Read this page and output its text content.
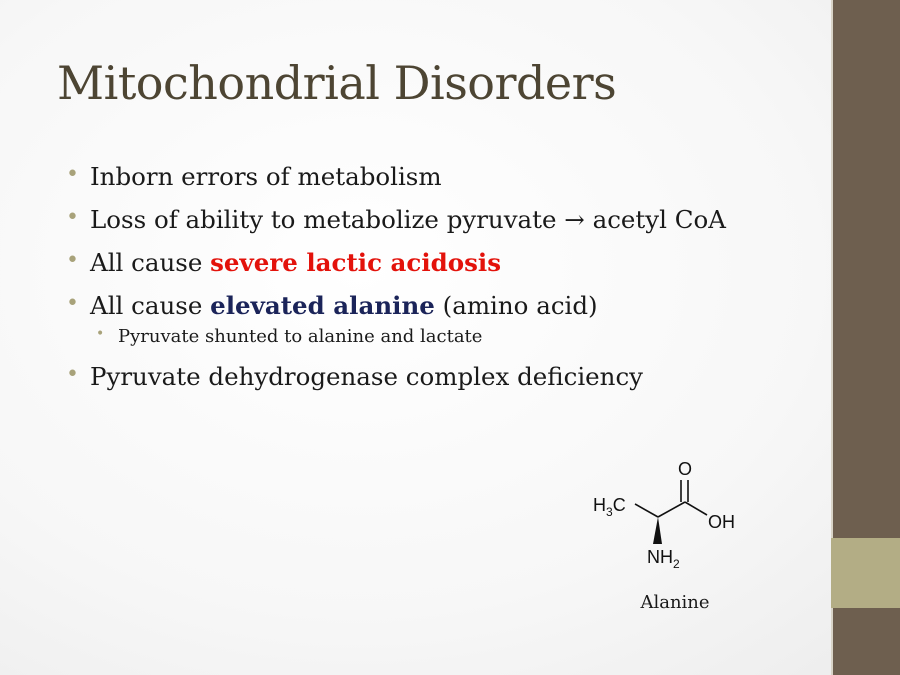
Mitochondrial Disorders
• Inborn errors of metabolism
• Loss of ability to metabolize pyruvate → acetyl CoA
• All cause severe lactic acidosis
• All cause elevated alanine (amino acid)
• Pyruvate shunted to alanine and lactate
• Pyruvate dehydrogenase complex deficiency
O
OH
$H_3C$
$NH_2$
Alanine
